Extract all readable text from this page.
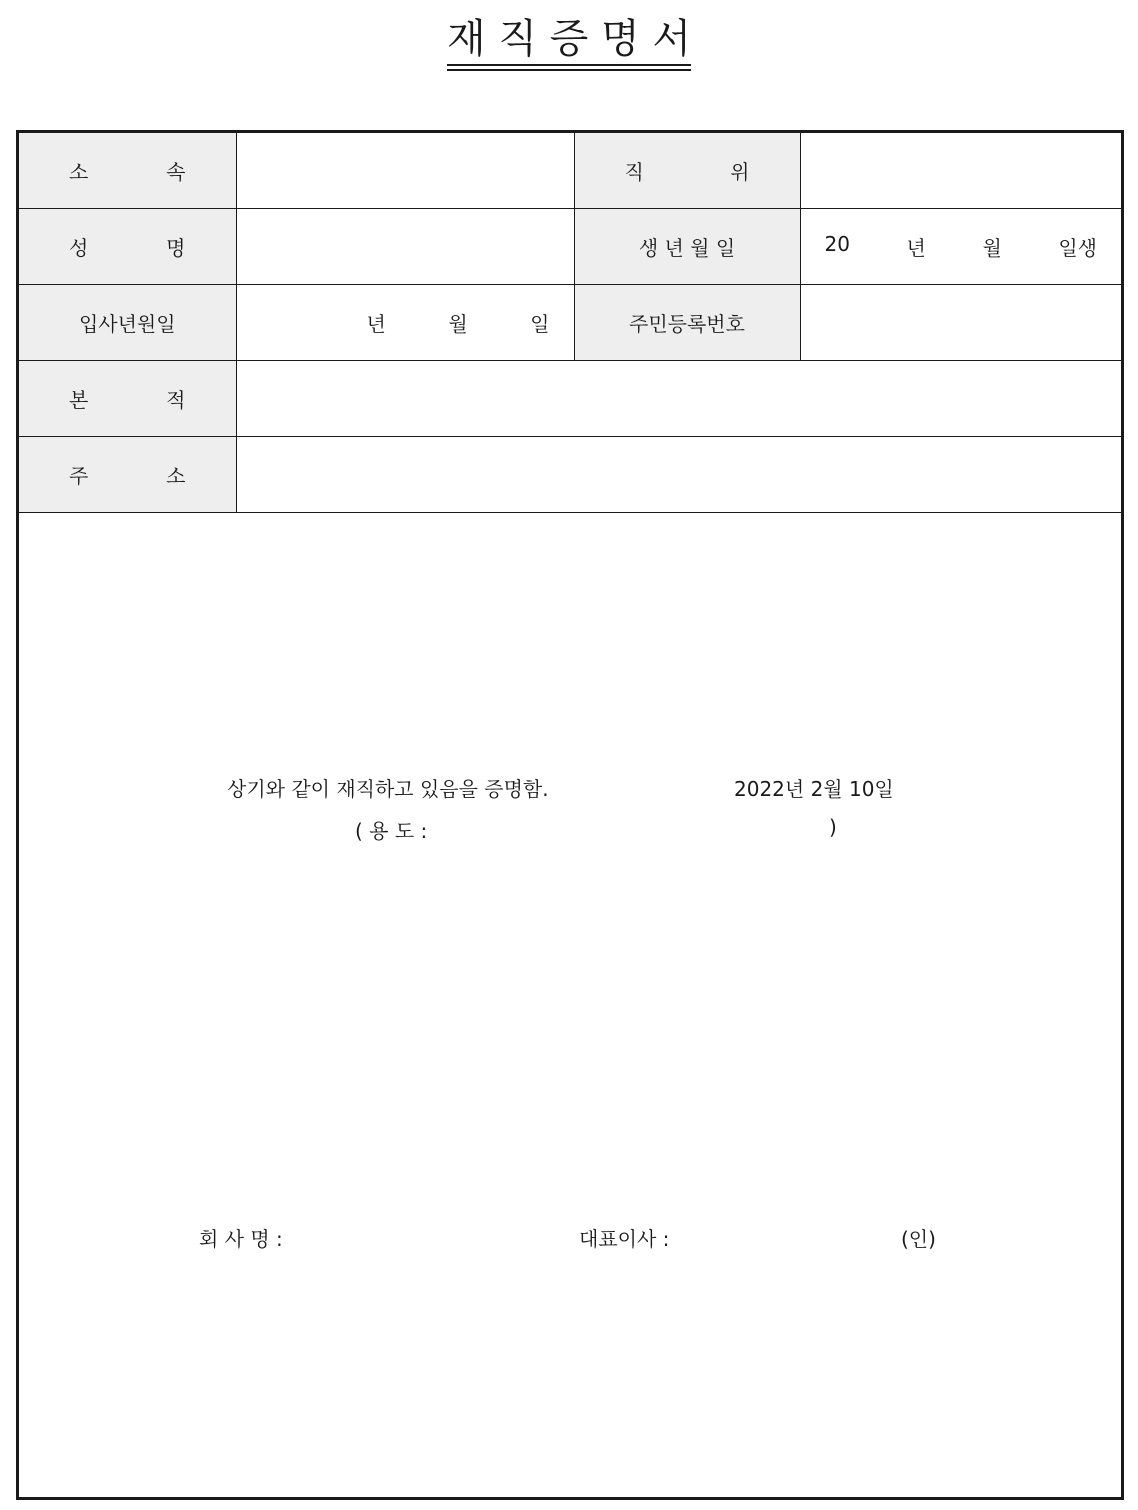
재 직 증 명 서
소 속		직 위	

성 명		생 년 월 일	20 년 월 일생

입사년원일	년 월 일	주민등록번호	

본 적			

주 소			

상기와 같이 재직하고 있음을 증명함.	2022년 2월 10일
( 용 도 :	)
회 사 명 :	대표이사 :	(인)
